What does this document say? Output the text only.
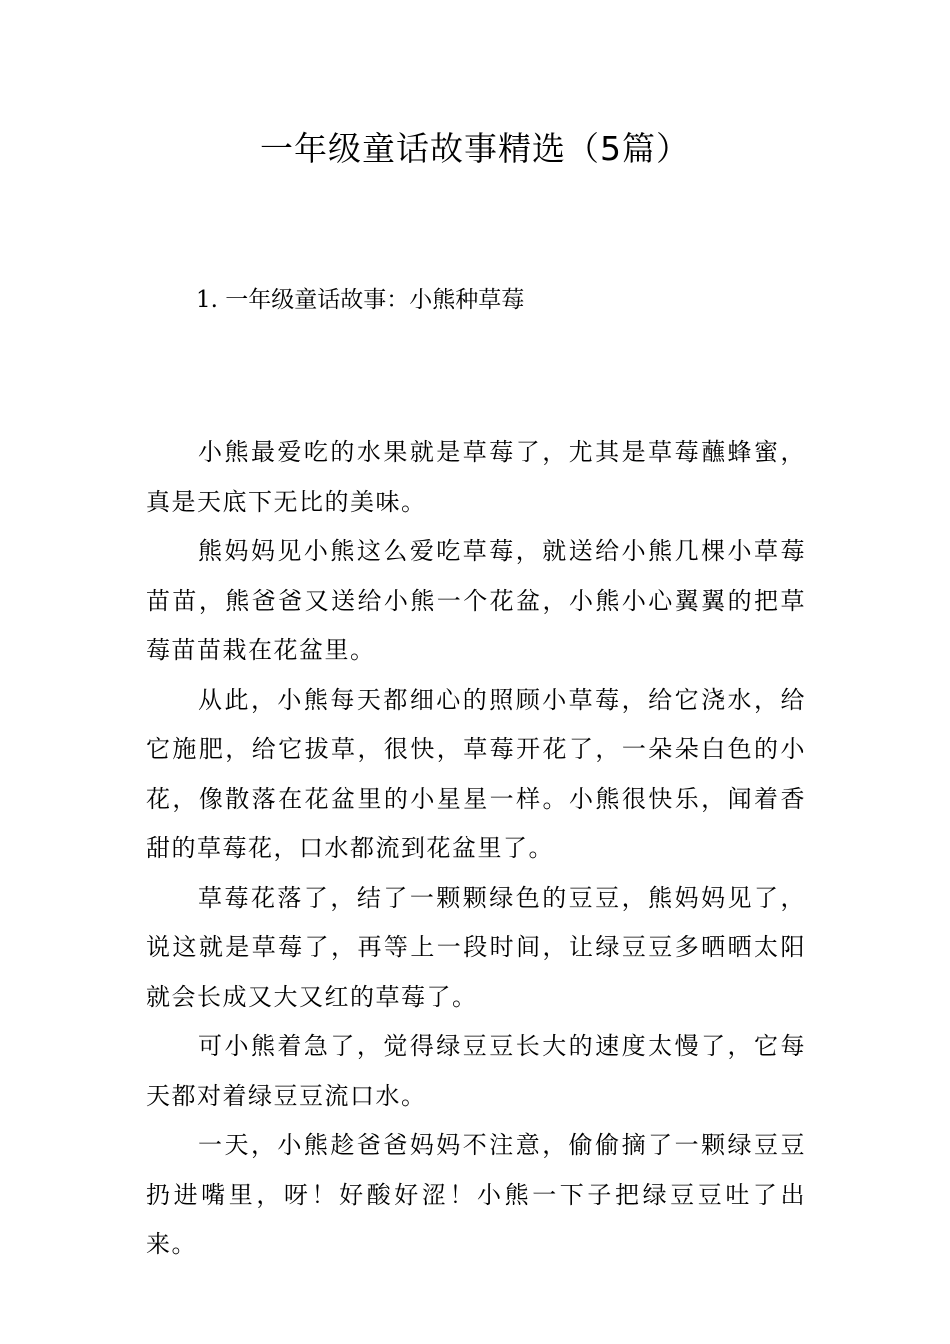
一年级童话故事精选（5篇）
1. 一年级童话故事：小熊种草莓

小熊最爱吃的水果就是草莓了，尤其是草莓蘸蜂蜜，真是天底下无比的美味。

熊妈妈见小熊这么爱吃草莓，就送给小熊几棵小草莓苗苗，熊爸爸又送给小熊一个花盆，小熊小心翼翼的把草莓苗苗栽在花盆里。

从此，小熊每天都细心的照顾小草莓，给它浇水，给它施肥，给它拔草，很快，草莓开花了，一朵朵白色的小花，像散落在花盆里的小星星一样。小熊很快乐，闻着香甜的草莓花，口水都流到花盆里了。

草莓花落了，结了一颗颗绿色的豆豆，熊妈妈见了，说这就是草莓了，再等上一段时间，让绿豆豆多晒晒太阳就会长成又大又红的草莓了。

可小熊着急了，觉得绿豆豆长大的速度太慢了，它每天都对着绿豆豆流口水。

一天，小熊趁爸爸妈妈不注意，偷偷摘了一颗绿豆豆扔进嘴里，呀！好酸好涩！小熊一下子把绿豆豆吐了出来。
